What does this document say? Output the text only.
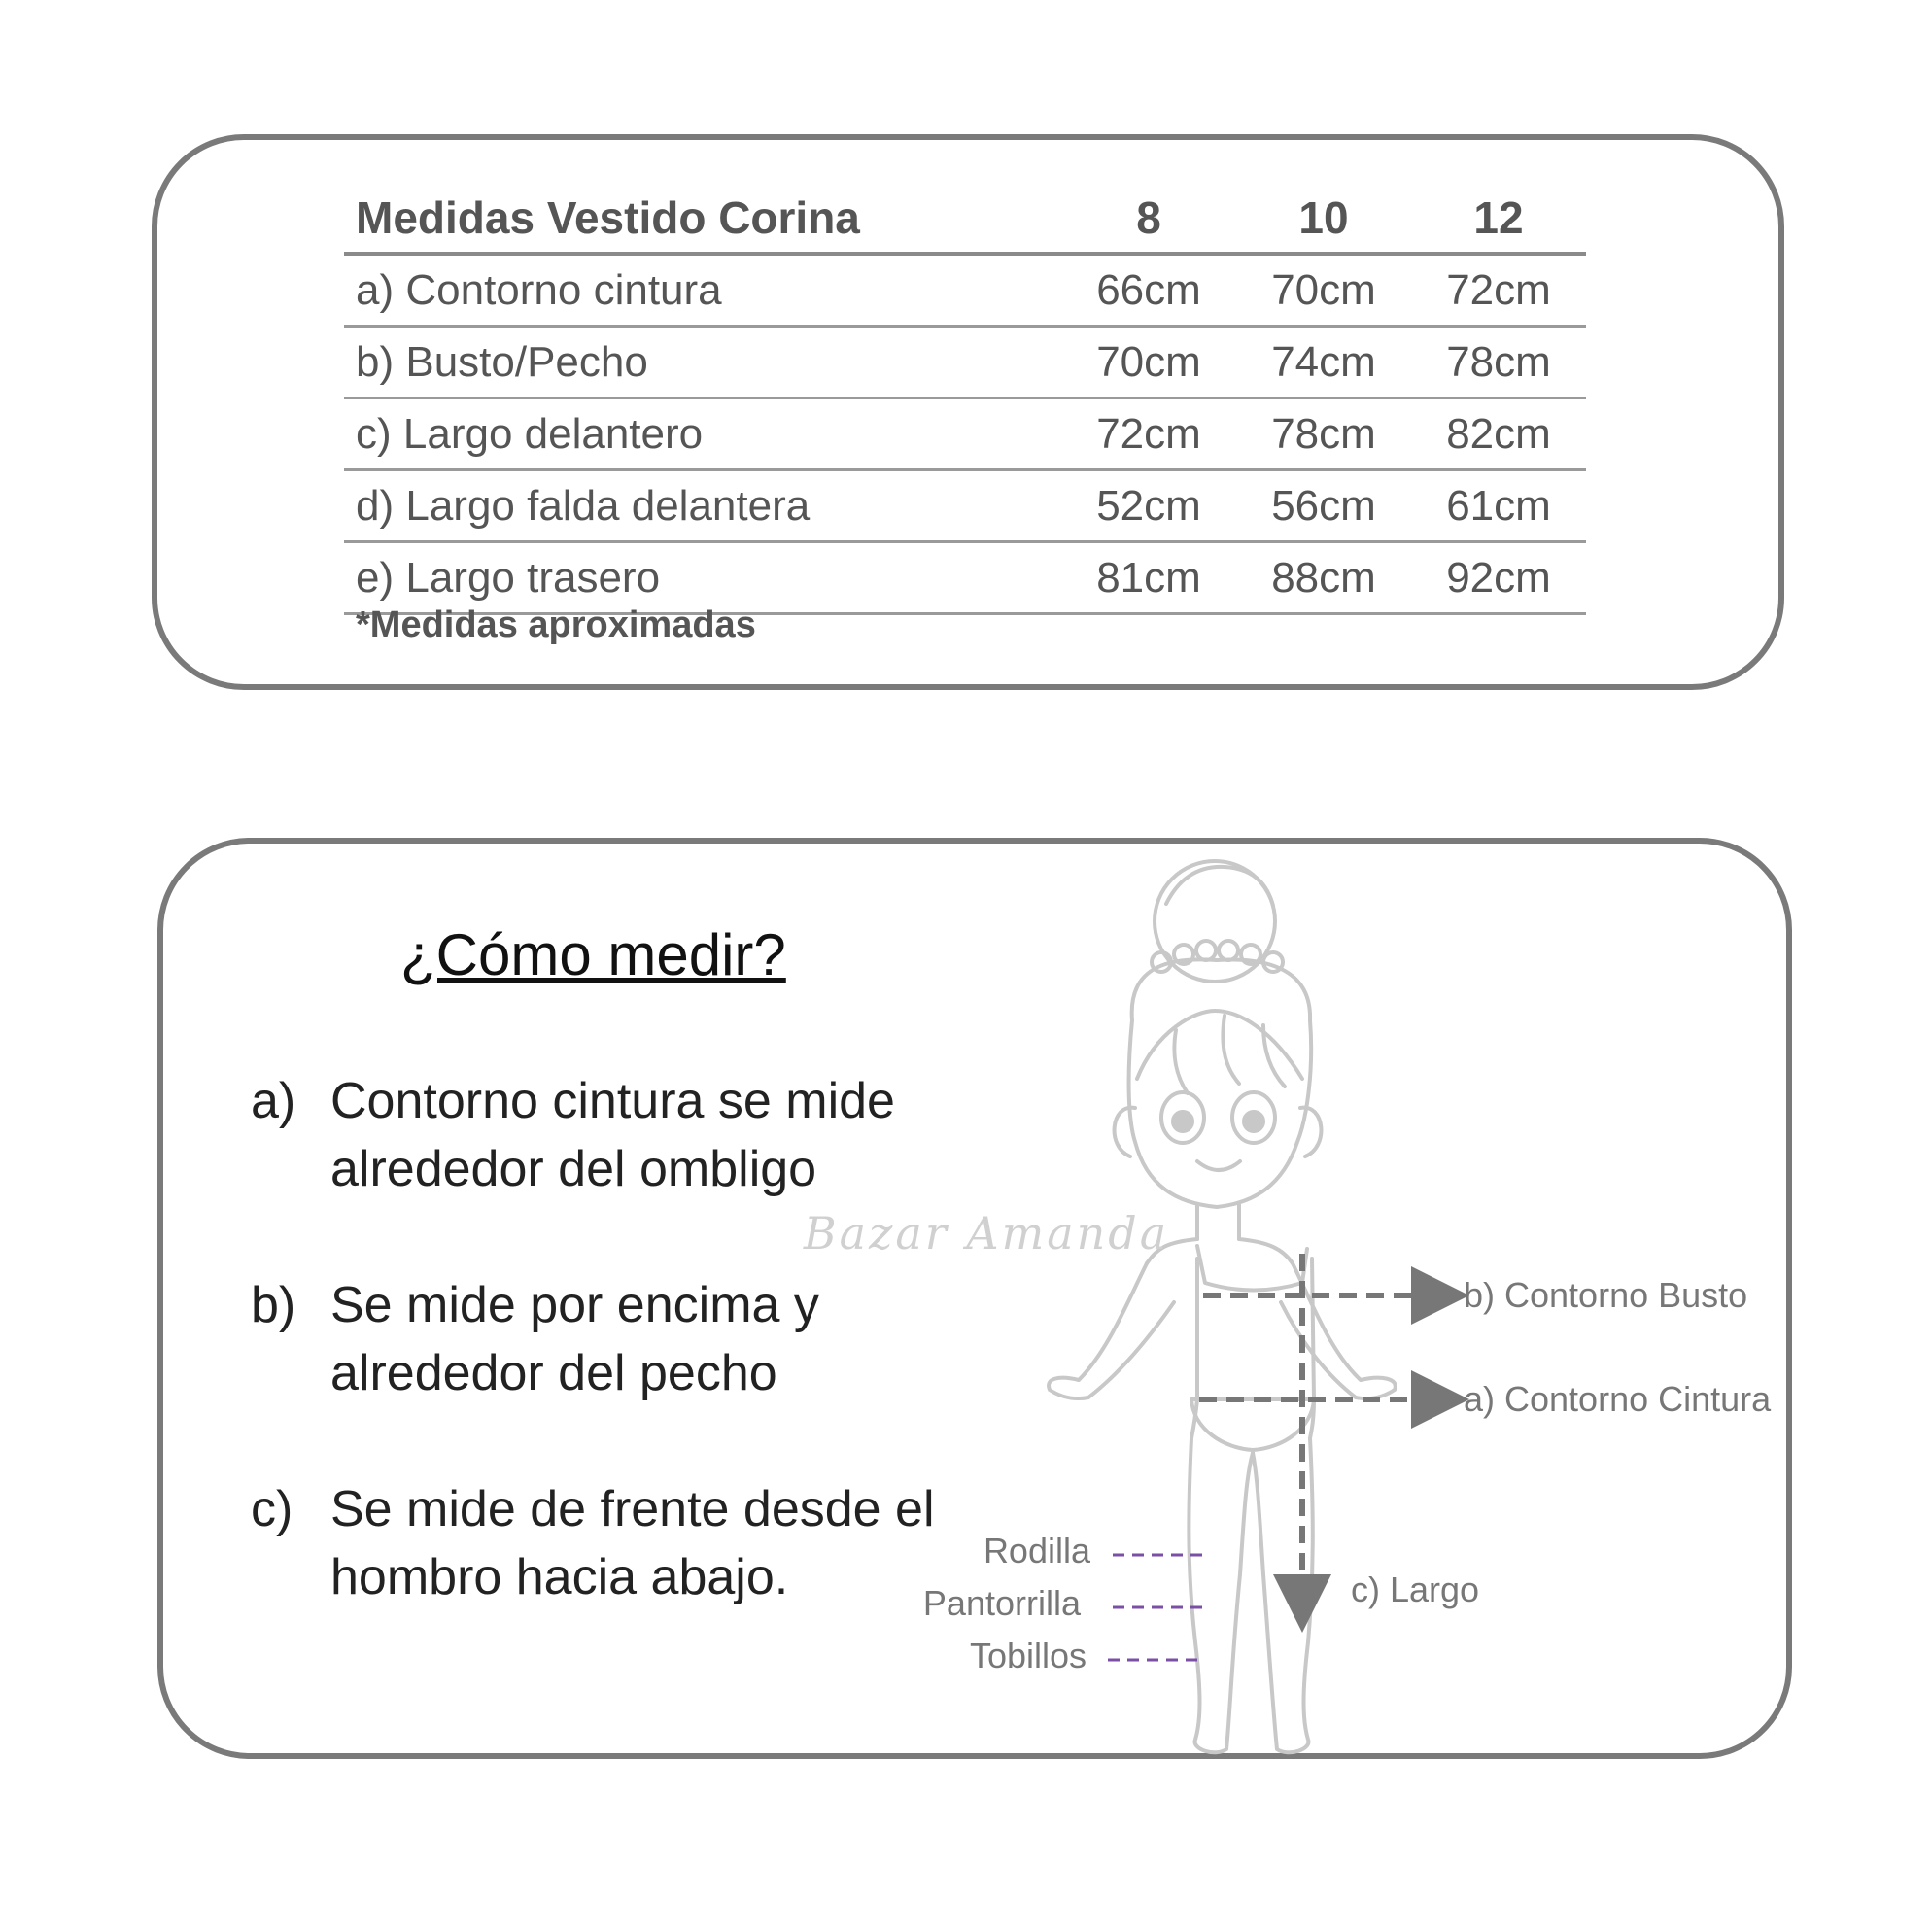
Medidas Vestido Corina	8	10	12
a) Contorno cintura	66cm	70cm	72cm
b) Busto/Pecho	70cm	74cm	78cm
c) Largo delantero	72cm	78cm	82cm
d) Largo falda delantera	52cm	56cm	61cm
e) Largo trasero	81cm	88cm	92cm
*Medidas aproximadas
¿Cómo medir?
a) Contorno cintura se mide alrededor del ombligo
b) Se mide por encima y alrededor del pecho
c) Se mide de frente desde el hombro hacia abajo.
Bazar Amanda
b) Contorno Busto
a) Contorno Cintura
c) Largo
Rodilla
Pantorrilla
Tobillos
